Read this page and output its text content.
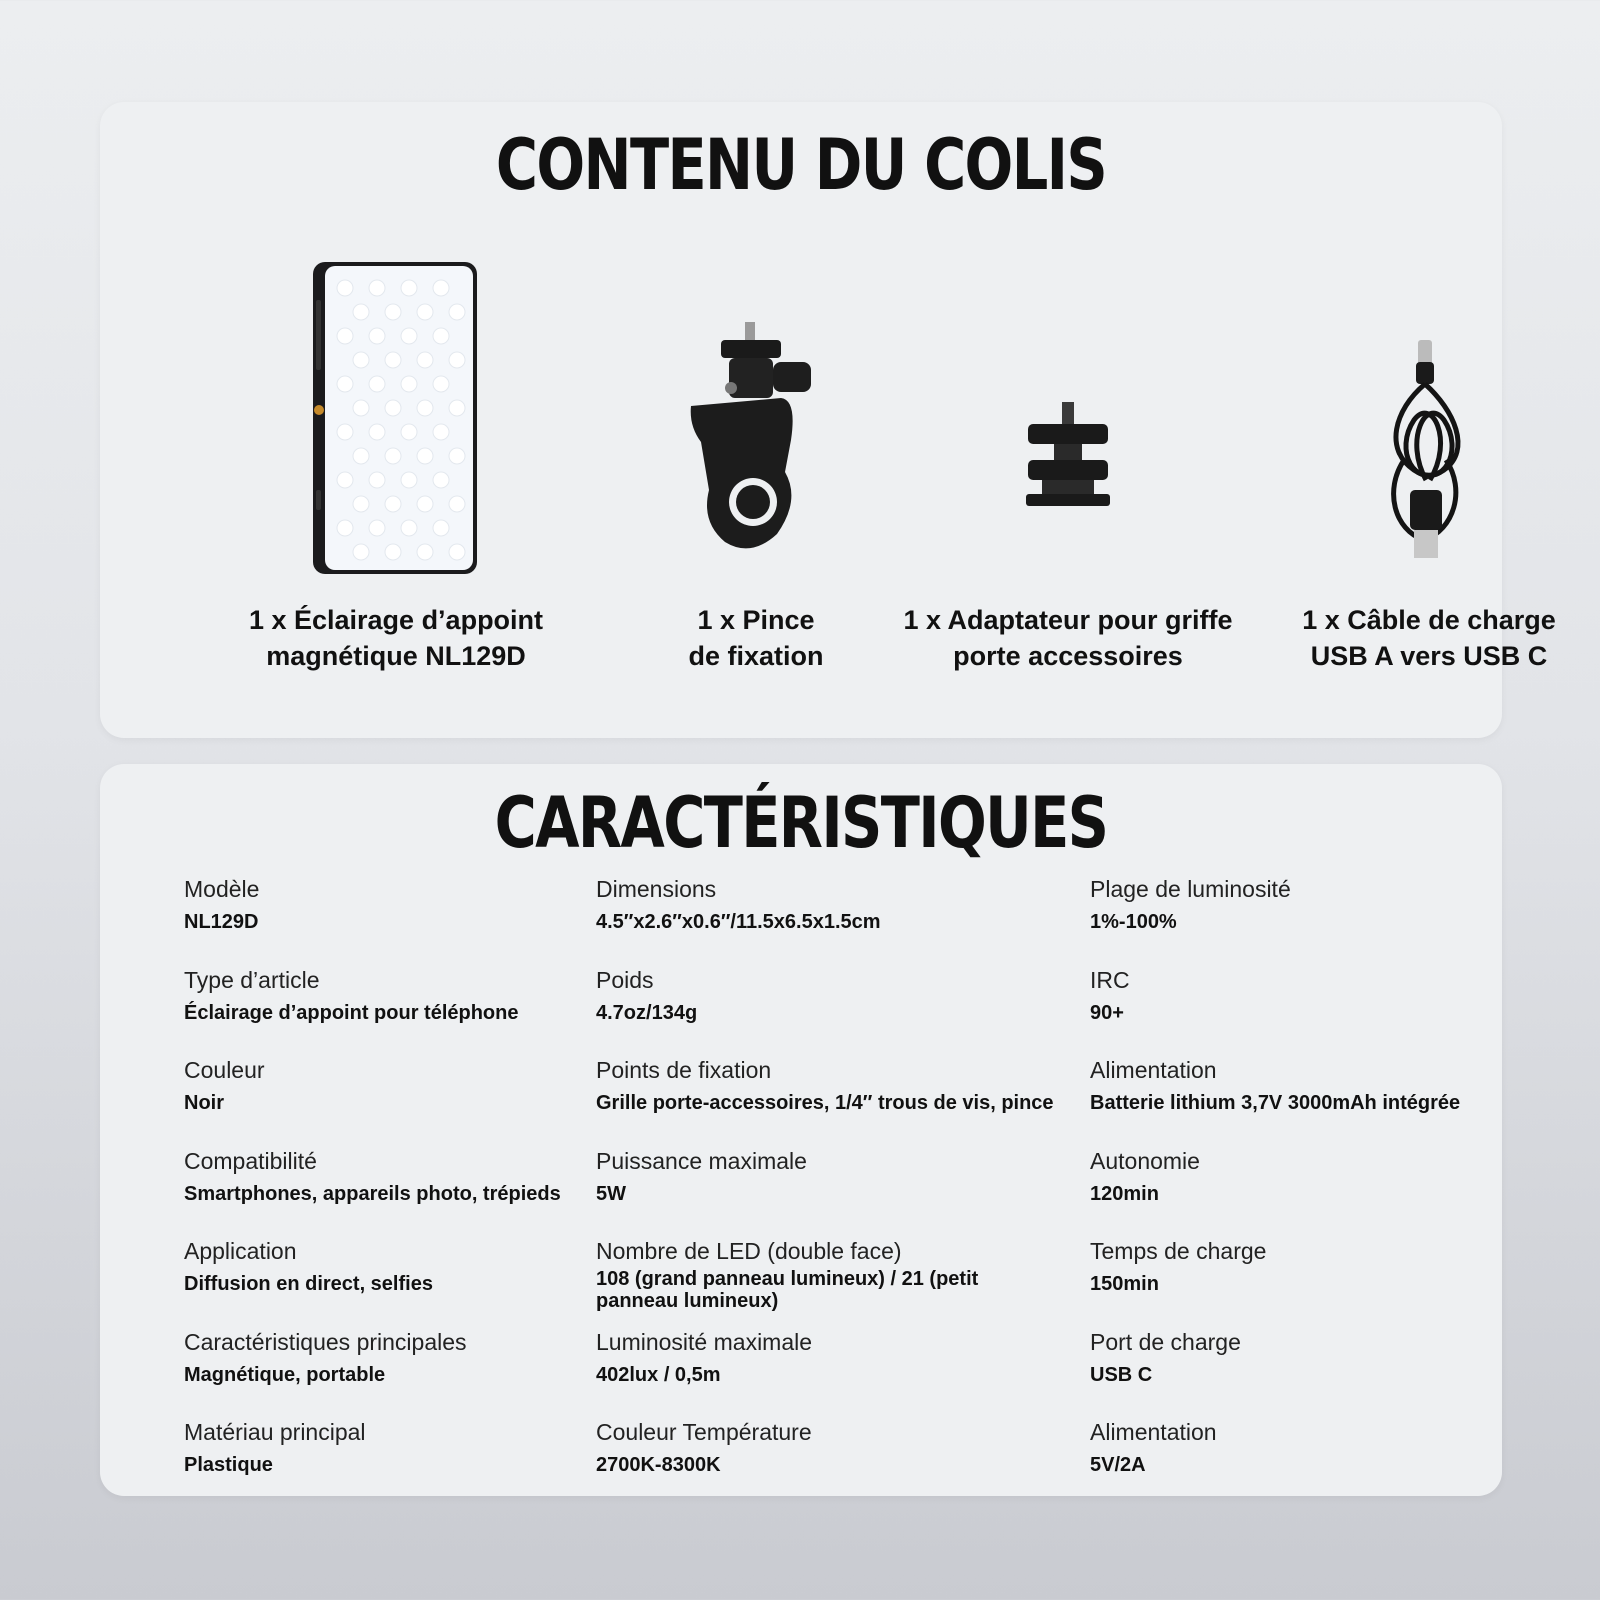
CONTENU DU COLIS
1 x Éclairage d’appoint
magnétique NL129D
1 x Pince
de fixation
1 x Adaptateur pour griffe
porte accessoires
1 x Câble de charge
USB A vers USB C
CARACTÉRISTIQUES
Modèle
NL129D
Type d’article
Éclairage d’appoint pour téléphone
Couleur
Noir
Compatibilité
Smartphones, appareils photo, trépieds
Application
Diffusion en direct, selfies
Caractéristiques principales
Magnétique, portable
Matériau principal
Plastique
Dimensions
4.5″x2.6″x0.6″/11.5x6.5x1.5cm
Poids
4.7oz/134g
Points de fixation
Grille porte-accessoires, 1/4″ trous de vis, pince
Puissance maximale
5W
Nombre de LED (double face)
108 (grand panneau lumineux) / 21 (petit panneau lumineux)
Luminosité maximale
402lux / 0,5m
Couleur Température
2700K-8300K
Plage de luminosité
1%-100%
IRC
90+
Alimentation
Batterie lithium 3,7V 3000mAh intégrée
Autonomie
120min
Temps de charge
150min
Port de charge
USB C
Alimentation
5V/2A
